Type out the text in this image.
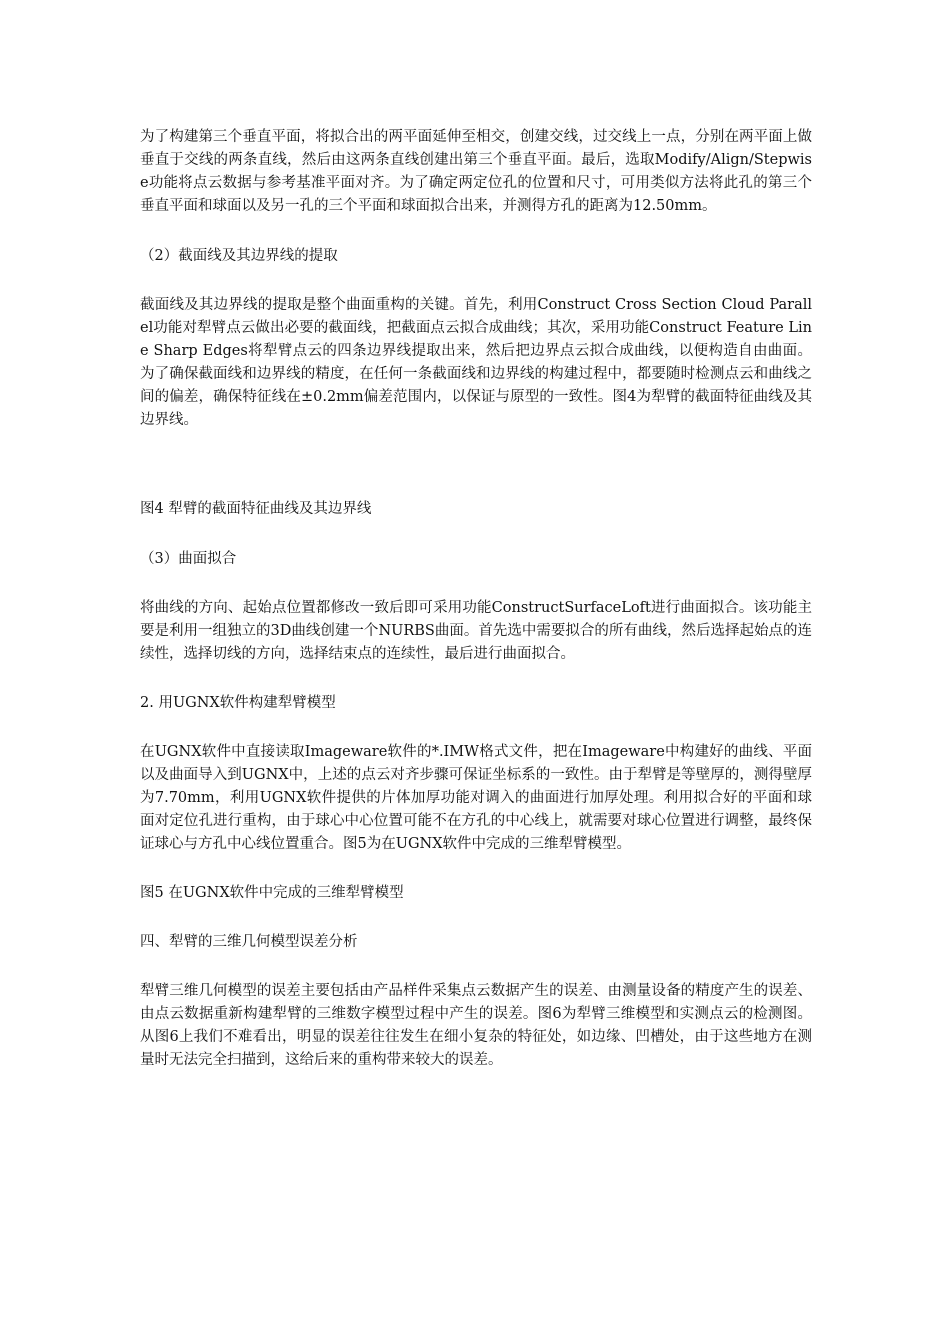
为了构建第三个垂直平面，将拟合出的两平面延伸至相交，创建交线，过交线上一点，分别在两平面上做垂直于交线的两条直线，然后由这两条直线创建出第三个垂直平面。最后，选取Modify/Align/Stepwise功能将点云数据与参考基准平面对齐。为了确定两定位孔的位置和尺寸，可用类似方法将此孔的第三个垂直平面和球面以及另一孔的三个平面和球面拟合出来，并测得方孔的距离为12.50mm。

（2）截面线及其边界线的提取

截面线及其边界线的提取是整个曲面重构的关键。首先，利用Construct Cross Section Cloud Parallel功能对犁臂点云做出必要的截面线，把截面点云拟合成曲线；其次，采用功能Construct Feature Line Sharp Edges将犁臂点云的四条边界线提取出来，然后把边界点云拟合成曲线，以便构造自由曲面。为了确保截面线和边界线的精度，在任何一条截面线和边界线的构建过程中，都要随时检测点云和曲线之间的偏差，确保特征线在±0.2mm偏差范围内，以保证与原型的一致性。图4为犁臂的截面特征曲线及其边界线。

图4 犁臂的截面特征曲线及其边界线

（3）曲面拟合

将曲线的方向、起始点位置都修改一致后即可采用功能ConstructSurfaceLoft进行曲面拟合。该功能主要是利用一组独立的3D曲线创建一个NURBS曲面。首先选中需要拟合的所有曲线，然后选择起始点的连续性，选择切线的方向，选择结束点的连续性，最后进行曲面拟合。

2. 用UGNX软件构建犁臂模型

在UGNX软件中直接读取Imageware软件的*.IMW格式文件，把在Imageware中构建好的曲线、平面以及曲面导入到UGNX中，上述的点云对齐步骤可保证坐标系的一致性。由于犁臂是等壁厚的，测得壁厚为7.70mm，利用UGNX软件提供的片体加厚功能对调入的曲面进行加厚处理。利用拟合好的平面和球面对定位孔进行重构，由于球心中心位置可能不在方孔的中心线上，就需要对球心位置进行调整，最终保证球心与方孔中心线位置重合。图5为在UGNX软件中完成的三维犁臂模型。

图5 在UGNX软件中完成的三维犁臂模型

四、犁臂的三维几何模型误差分析

犁臂三维几何模型的误差主要包括由产品样件采集点云数据产生的误差、由测量设备的精度产生的误差、由点云数据重新构建犁臂的三维数字模型过程中产生的误差。图6为犁臂三维模型和实测点云的检测图。从图6上我们不难看出，明显的误差往往发生在细小复杂的特征处，如边缘、凹槽处，由于这些地方在测量时无法完全扫描到，这给后来的重构带来较大的误差。
